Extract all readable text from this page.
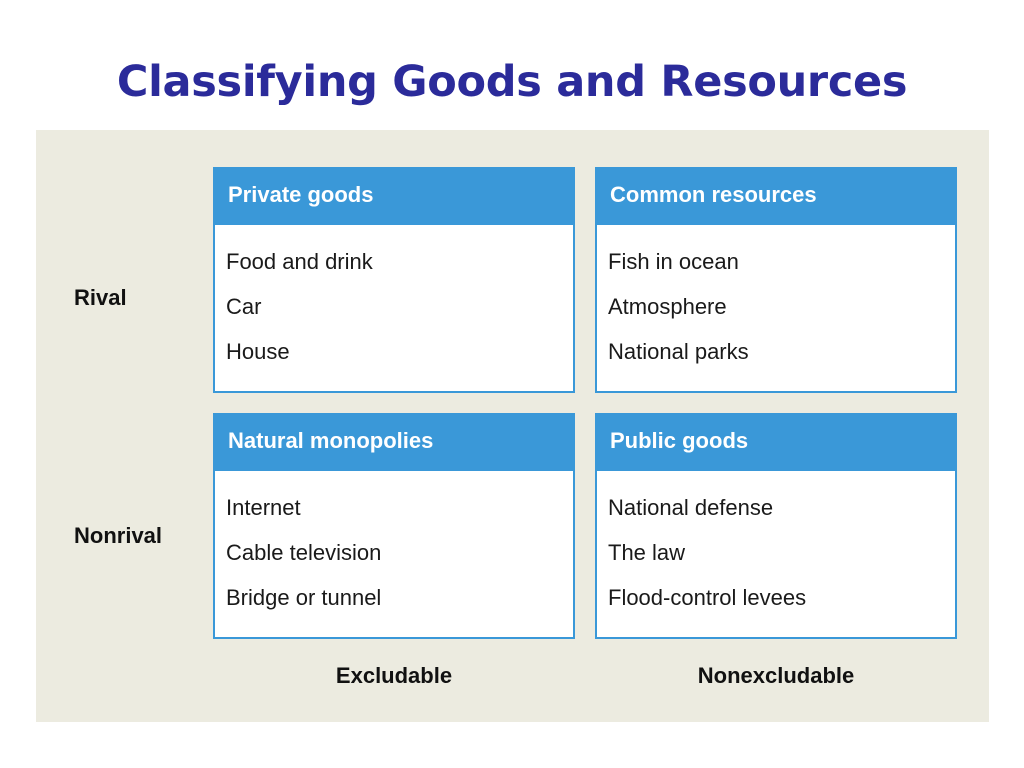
Classifying Goods and Resources
Rival
Nonrival
Private goods
Food and drink
Car
House
Common resources
Fish in ocean
Atmosphere
National parks
Natural monopolies
Internet
Cable television
Bridge or tunnel
Public goods
National defense
The law
Flood-control levees
Excludable	Nonexcludable
